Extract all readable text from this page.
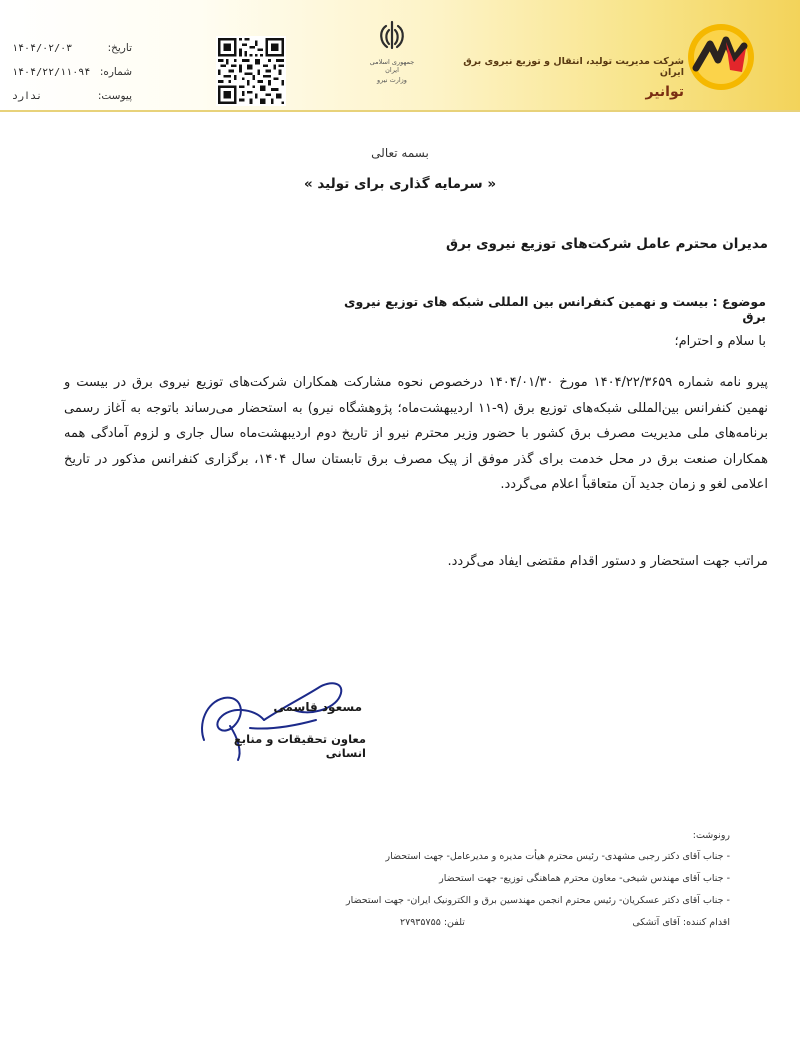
تاریخ:
۱۴۰۴/۰۲/۰۳
شماره:
۱۴۰۴/۲۲/۱۱۰۹۴
پیوست:
ندارد
جمهوری اسلامی ایران
وزارت نیرو
شرکت مدیریت تولید، انتقال و توزیع نیروی برق ایران
توانیر
بسمه تعالی
« سرمایه گذاری برای تولید »
مدیران محترم عامل شرکت‌های توزیع نیروی برق
موضوع : بیست و نهمین کنفرانس بین المللی شبکه های توزیع نیروی برق
با سلام و احترام؛
پیرو نامه شماره ۱۴۰۴/۲۲/۳۶۵۹ مورخ ۱۴۰۴/۰۱/۳۰ درخصوص نحوه مشارکت همکاران شرکت‌های توزیع نیروی برق در بیست و نهمین کنفرانس بین‌المللی شبکه‌های توزیع برق (۹-۱۱ اردیبهشت‌ماه؛ پژوهشگاه نیرو) به استحضار می‌رساند باتوجه به آغاز رسمی برنامه‌های ملی مدیریت مصرف برق کشور با حضور وزیر محترم نیرو از تاریخ دوم اردیبهشت‌ماه سال جاری و لزوم آمادگی همه همکاران صنعت برق در محل خدمت برای گذر موفق از پیک مصرف برق تابستان سال ۱۴۰۴، برگزاری کنفرانس مذکور در تاریخ اعلامی لغو و زمان جدید آن متعاقباً اعلام می‌گردد.
مراتب جهت استحضار و دستور اقدام مقتضی ایفاد می‌گردد.
مسعود قاسمی
معاون تحقیقات و منابع انسانی
رونوشت:
- جناب آقای دکتر رجبی مشهدی- رئیس محترم هیأت مدیره و مدیرعامل- جهت استحضار
- جناب آقای مهندس شیخی- معاون محترم هماهنگی توزیع- جهت استحضار
- جناب آقای دکتر عسکریان- رئیس محترم انجمن مهندسین برق و الکترونیک ایران- جهت استحضار
اقدام کننده: آقای آتشکی
تلفن: ۲۷۹۳۵۷۵۵
